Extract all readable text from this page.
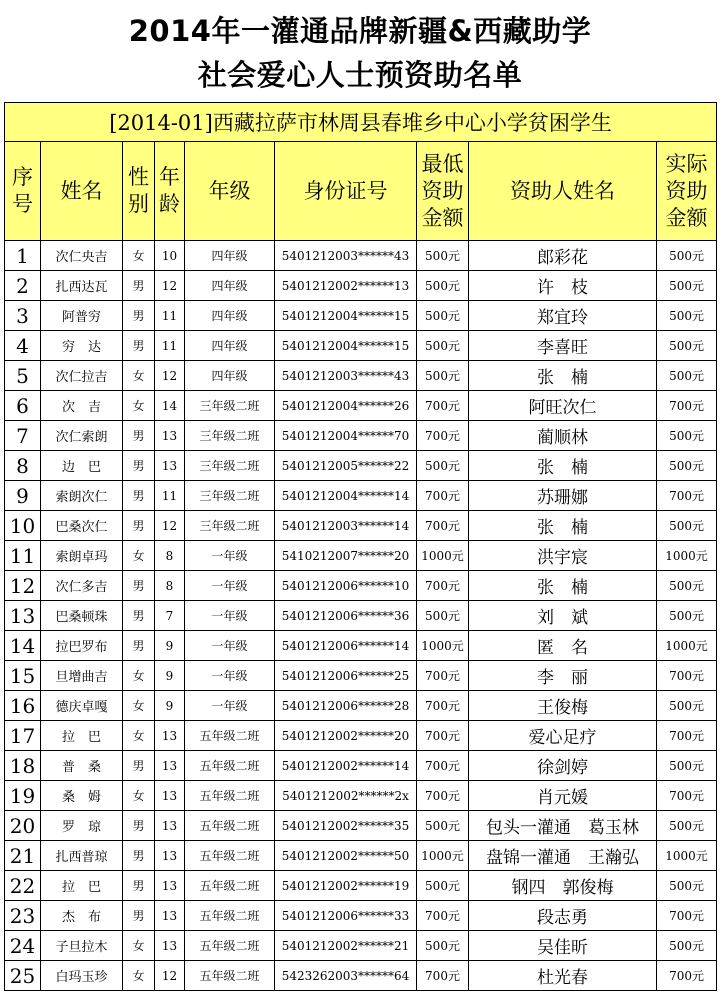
2014年一灌通品牌新疆&西藏助学
社会爱心人士预资助名单
[2014-01]西藏拉萨市林周县春堆乡中心小学贫困学生								
序号	姓名	性别	年龄	年级	身份证号	最低资助金额	资助人姓名	实际资助金额
1	次仁央吉	女	10	四年级	5401212003******43	500元	郎彩花	500元
2	扎西达瓦	男	12	四年级	5401212002******13	500元	许　枝	500元
3	阿普穷	男	11	四年级	5401212004******15	500元	郑宜玲	500元
4	穷　达	男	11	四年级	5401212004******15	500元	李喜旺	500元
5	次仁拉吉	女	12	四年级	5401212003******43	500元	张　楠	500元
6	次　吉	女	14	三年级二班	5401212004******26	700元	阿旺次仁	700元
7	次仁索朗	男	13	三年级二班	5401212004******70	700元	蔺顺林	500元
8	边　巴	男	13	三年级二班	5401212005******22	500元	张　楠	500元
9	索朗次仁	男	11	三年级二班	5401212004******14	700元	苏珊娜	700元
10	巴桑次仁	男	12	三年级二班	5401212003******14	700元	张　楠	500元
11	索朗卓玛	女	8	一年级	5410212007******20	1000元	洪宇宸	1000元
12	次仁多吉	男	8	一年级	5401212006******10	700元	张　楠	500元
13	巴桑顿珠	男	7	一年级	5401212006******36	500元	刘　斌	500元
14	拉巴罗布	男	9	一年级	5401212006******14	1000元	匿　名	1000元
15	旦增曲吉	女	9	一年级	5401212006******25	700元	李　丽	700元
16	德庆卓嘎	女	9	一年级	5401212006******28	700元	王俊梅	500元
17	拉　巴	女	13	五年级二班	5401212002******20	700元	爱心足疗	700元
18	普　桑	男	13	五年级二班	5401212002******14	700元	徐剑婷	500元
19	桑　姆	女	13	五年级二班	5401212002******2x	700元	肖元媛	700元
20	罗　琼	男	13	五年级二班	5401212002******35	500元	包头一灌通　葛玉林	500元
21	扎西普琼	男	13	五年级二班	5401212002******50	1000元	盘锦一灌通　王瀚弘	1000元
22	拉　巴	男	13	五年级二班	5401212002******19	500元	钢四　郭俊梅	500元
23	杰　布	男	13	五年级二班	5401212006******33	700元	段志勇	700元
24	子旦拉木	女	13	五年级二班	5401212002******21	500元	吴佳昕	500元
25	白玛玉珍	女	12	五年级二班	5423262003******64	700元	杜光春	700元
